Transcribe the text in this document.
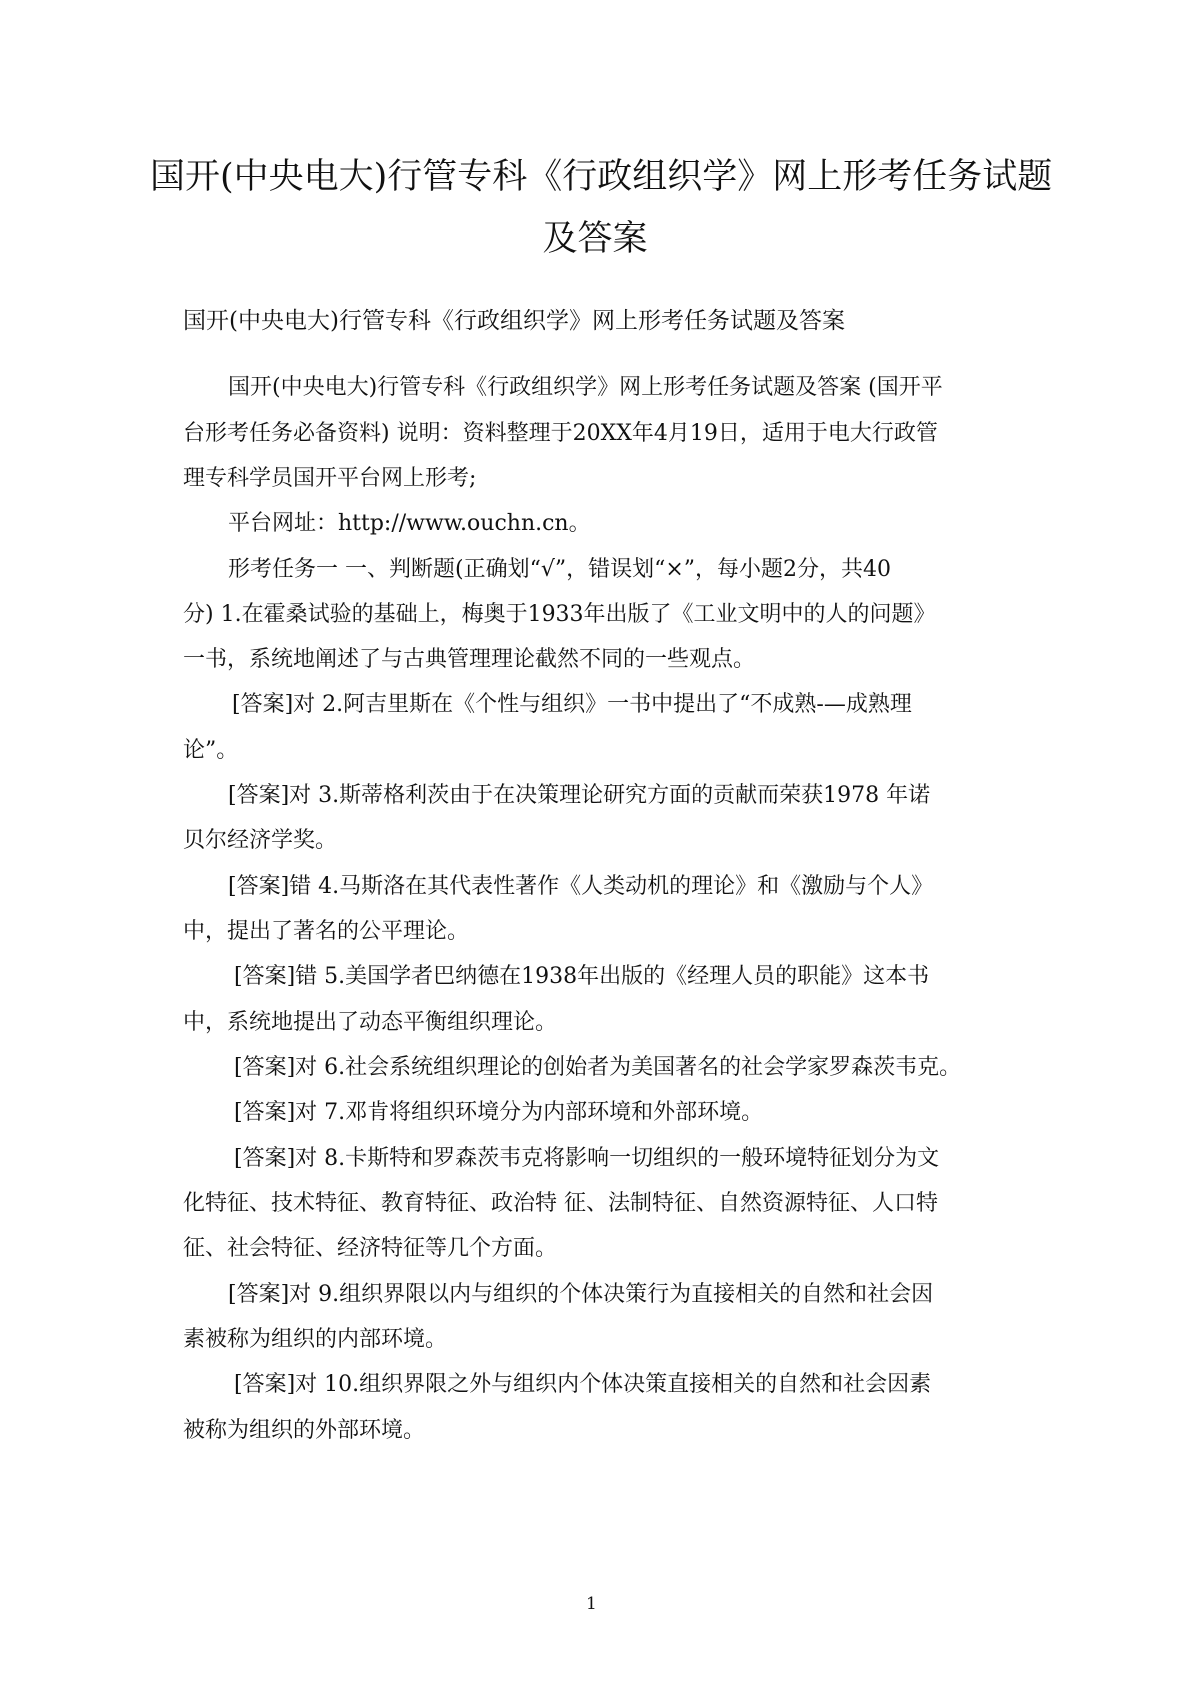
国开(中央电大)行管专科《行政组织学》网上形考任务试题
及答案
国开(中央电大)行管专科《行政组织学》网上形考任务试题及答案
国开(中央电大)行管专科《行政组织学》网上形考任务试题及答案 (国开平
台形考任务必备资料) 说明：资料整理于20XX年4月19日，适用于电大行政管
理专科学员国开平台网上形考;
平台网址：http://www.ouchn.cn。
形考任务一 一、判断题(正确划“√”，错误划“×”，每小题2分，共40
分) 1.在霍桑试验的基础上，梅奥于1933年出版了《工业文明中的人的问题》
一书，系统地阐述了与古典管理理论截然不同的一些观点。
[答案]对 2.阿吉里斯在《个性与组织》一书中提出了“不成熟-—成熟理
论”。
[答案]对 3.斯蒂格利茨由于在决策理论研究方面的贡献而荣获1978 年诺
贝尔经济学奖。
[答案]错 4.马斯洛在其代表性著作《人类动机的理论》和《激励与个人》
中，提出了著名的公平理论。
[答案]错 5.美国学者巴纳德在1938年出版的《经理人员的职能》这本书
中，系统地提出了动态平衡组织理论。
[答案]对 6.社会系统组织理论的创始者为美国著名的社会学家罗森茨韦克。
[答案]对 7.邓肯将组织环境分为内部环境和外部环境。
[答案]对 8.卡斯特和罗森茨韦克将影响一切组织的一般环境特征划分为文
化特征、技术特征、教育特征、政治特 征、法制特征、自然资源特征、人口特
征、社会特征、经济特征等几个方面。
[答案]对 9.组织界限以内与组织的个体决策行为直接相关的自然和社会因
素被称为组织的内部环境。
[答案]对 10.组织界限之外与组织内个体决策直接相关的自然和社会因素
被称为组织的外部环境。
1
